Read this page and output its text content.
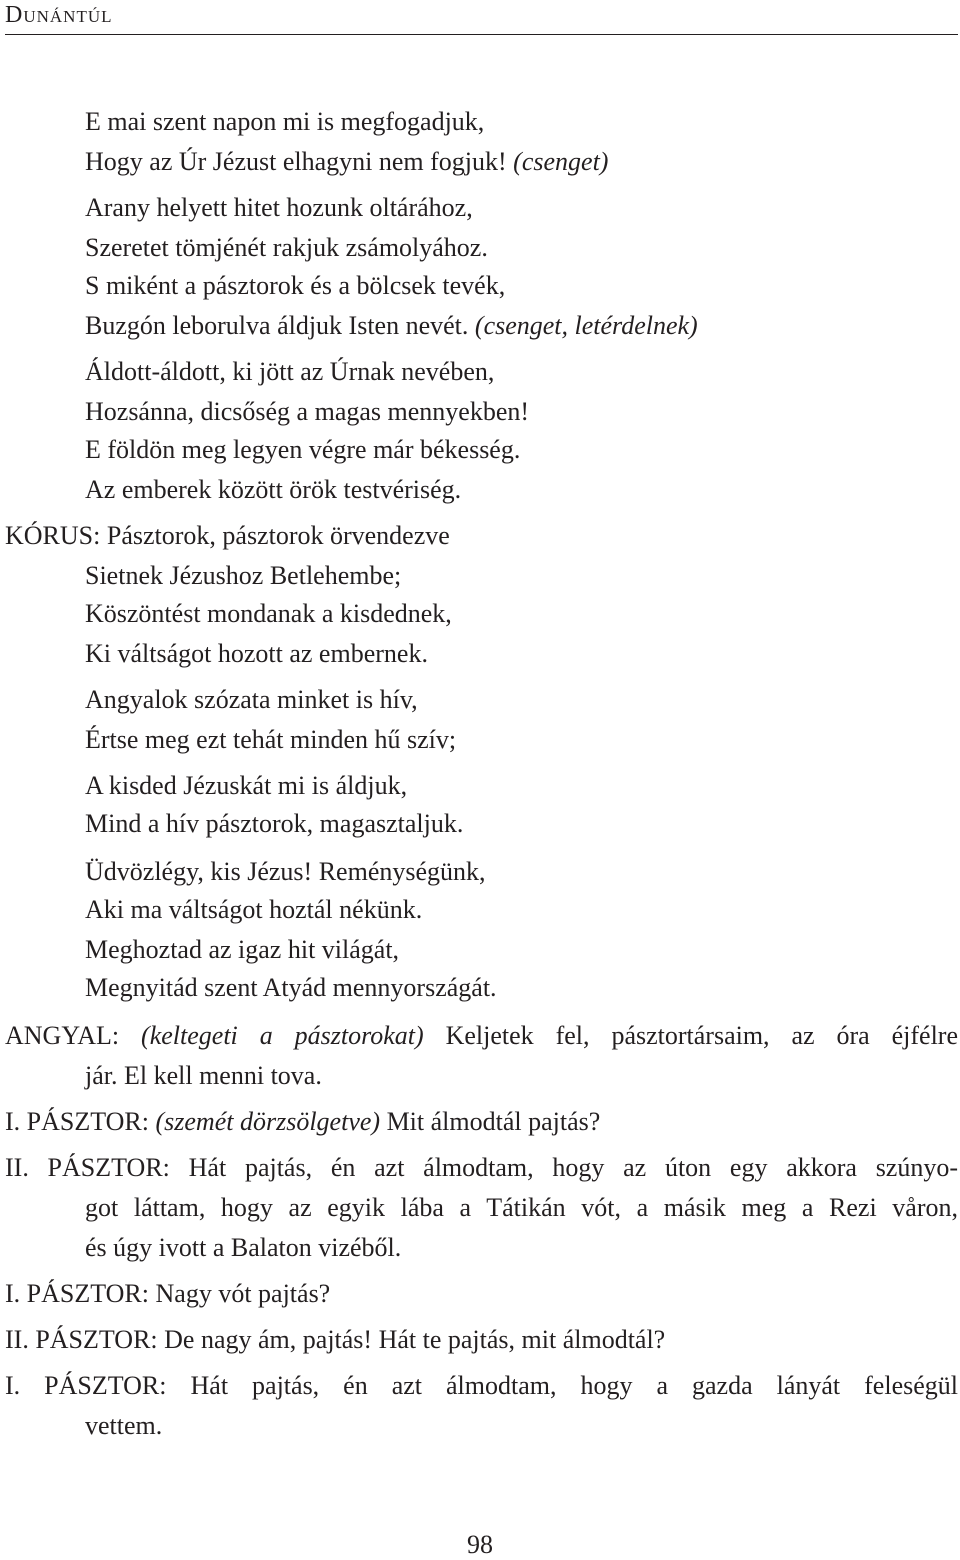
Dunántúl
E mai szent napon mi is megfogadjuk,
Hogy az Úr Jézust elhagyni nem fogjuk! (csenget)
Arany helyett hitet hozunk oltárához,
Szeretet tömjénét rakjuk zsámolyához.
S miként a pásztorok és a bölcsek tevék,
Buzgón leborulva áldjuk Isten nevét. (csenget, letérdelnek)
Áldott-áldott, ki jött az Úrnak nevében,
Hozsánna, dicsőség a magas mennyekben!
E földön meg legyen végre már békesség.
Az emberek között örök testvériség.
KÓRUS: Pásztorok, pásztorok örvendezve
Sietnek Jézushoz Betlehembe;
Köszöntést mondanak a kisdednek,
Ki váltságot hozott az embernek.
Angyalok szózata minket is hív,
Értse meg ezt tehát minden hű szív;
A kisded Jézuskát mi is áldjuk,
Mind a hív pásztorok, magasztaljuk.
Üdvözlégy, kis Jézus! Reménységünk,
Aki ma váltságot hoztál nékünk.
Meghoztad az igaz hit világát,
Megnyitád szent Atyád mennyországát.
ANGYAL: (keltegeti a pásztorokat) Keljetek fel, pásztortársaim, az óra éjfélre
jár. El kell menni tova.
I. PÁSZTOR: (szemét dörzsölgetve) Mit álmodtál pajtás?
II. PÁSZTOR: Hát pajtás, én azt álmodtam, hogy az úton egy akkora szúnyo-
got láttam, hogy az egyik lába a Tátikán vót, a másik meg a Rezi våron,
és úgy ivott a Balaton vizéből.
I. PÁSZTOR: Nagy vót pajtás?
II. PÁSZTOR: De nagy ám, pajtás! Hát te pajtás, mit álmodtál?
I. PÁSZTOR: Hát pajtás, én azt álmodtam, hogy a gazda lányát feleségül
vettem.
98
